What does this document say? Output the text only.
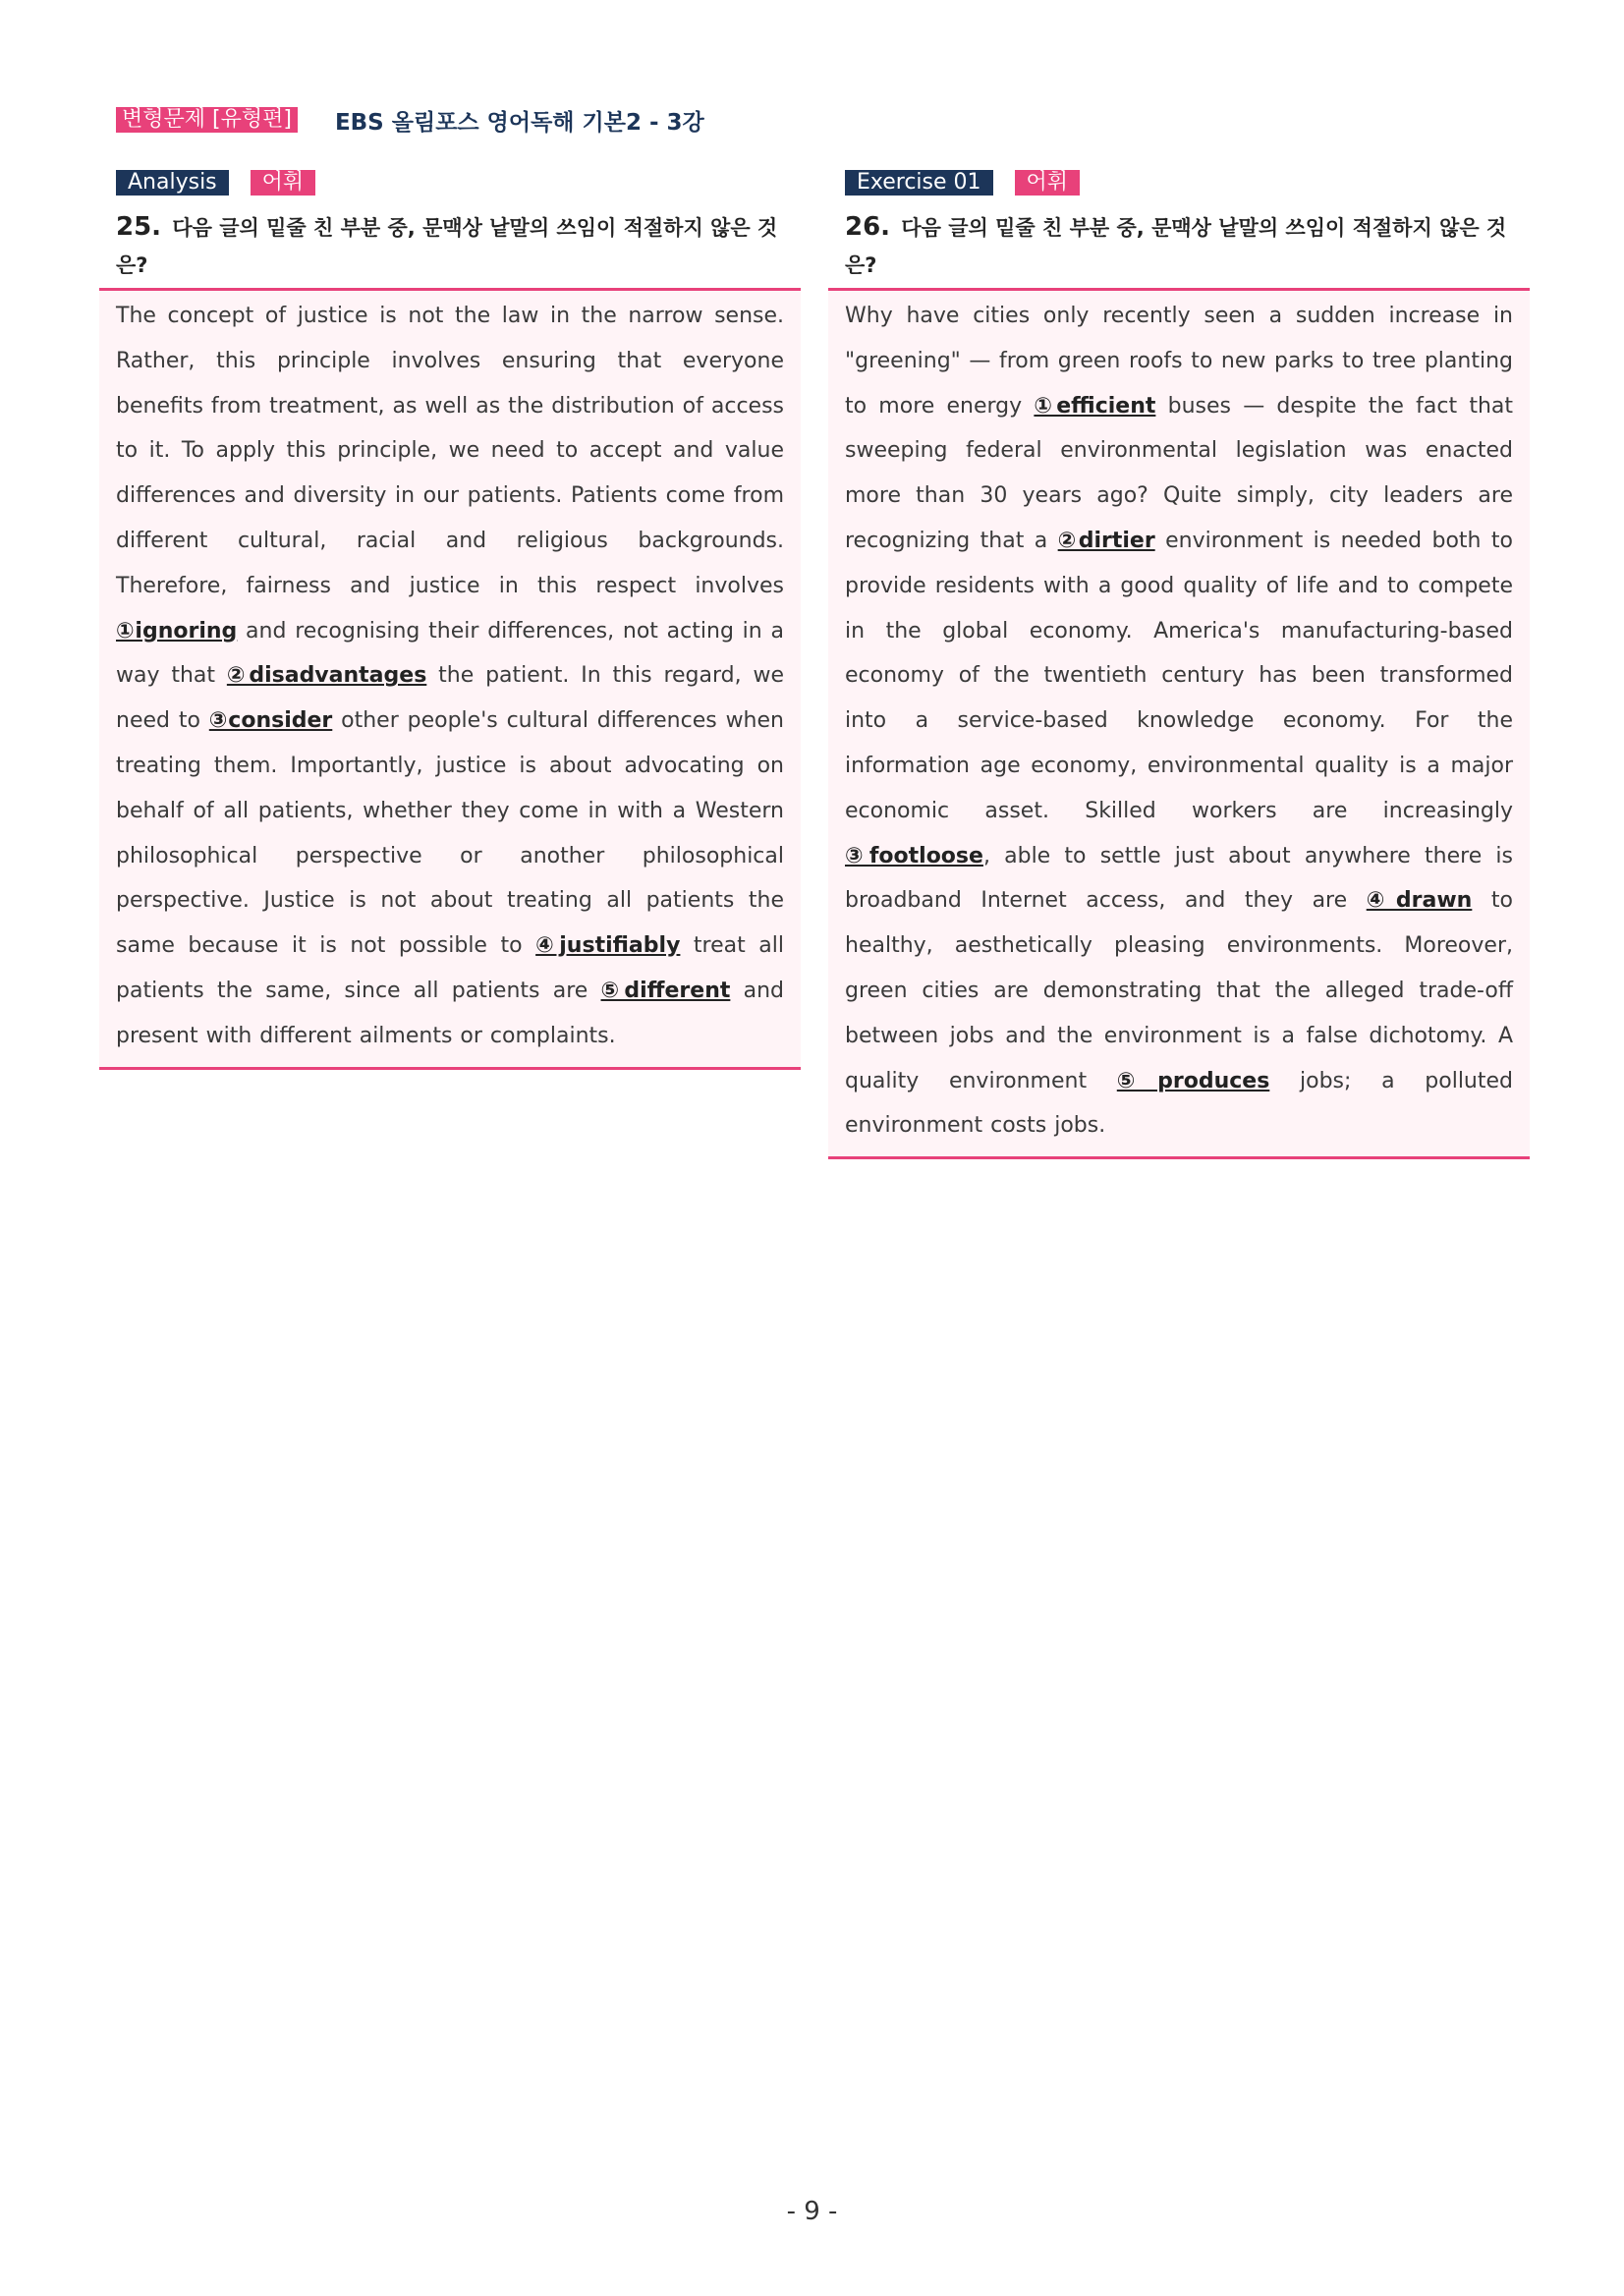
변형문제 [유형편] EBS 올림포스 영어독해 기본2 - 3강
Analysis	어휘
25. 다음 글의 밑줄 친 부분 중, 문맥상 낱말의 쓰임이 적절하지 않은 것은?
The concept of justice is not the law in the narrow sense. Rather, this principle involves ensuring that everyone benefits from treatment, as well as the distribution of access to it. To apply this principle, we need to accept and value differences and diversity in our patients. Patients come from different cultural, racial and religious backgrounds. Therefore, fairness and justice in this respect involves ①ignoring and recognising their differences, not acting in a way that ②disadvantages the patient. In this regard, we need to ③consider other people's cultural differences when treating them. Importantly, justice is about advocating on behalf of all patients, whether they come in with a Western philosophical perspective or another philosophical perspective. Justice is not about treating all patients the same because it is not possible to ④justifiably treat all patients the same, since all patients are ⑤different and present with different ailments or complaints.
Exercise 01	어휘
26. 다음 글의 밑줄 친 부분 중, 문맥상 낱말의 쓰임이 적절하지 않은 것은?
Why have cities only recently seen a sudden increase in "greening" — from green roofs to new parks to tree planting to more energy ①efficient buses — despite the fact that sweeping federal environmental legislation was enacted more than 30 years ago? Quite simply, city leaders are recognizing that a ②dirtier environment is needed both to provide residents with a good quality of life and to compete in the global economy. America's manufacturing-based economy of the twentieth century has been transformed into a service-based knowledge economy. For the information age economy, environmental quality is a major economic asset. Skilled workers are increasingly ③footloose, able to settle just about anywhere there is broadband Internet access, and they are ④drawn to healthy, aesthetically pleasing environments. Moreover, green cities are demonstrating that the alleged trade-off between jobs and the environment is a false dichotomy. A quality environment ⑤produces jobs; a polluted environment costs jobs.
- 9 -
